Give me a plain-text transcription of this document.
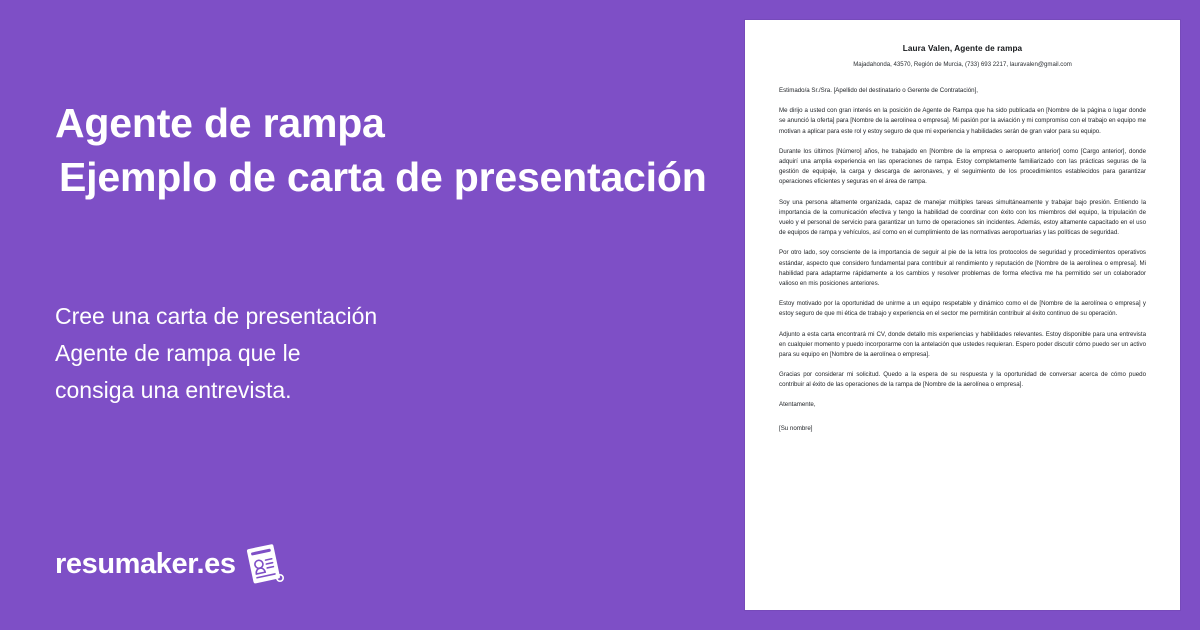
Agente de rampa
Ejemplo de carta de presentación
Cree una carta de presentación
Agente de rampa que le
consiga una entrevista.
resumaker.es
Laura Valen, Agente de rampa
Majadahonda, 43570, Región de Murcia, (733) 693 2217, lauravalen@gmail.com

Estimado/a Sr./Sra. [Apellido del destinatario o Gerente de Contratación],

Me dirijo a usted con gran interés en la posición de Agente de Rampa que ha sido publicada en [Nombre de la página o lugar donde se anunció la oferta] para [Nombre de la aerolínea o empresa]. Mi pasión por la aviación y mi compromiso con el trabajo en equipo me motivan a aplicar para este rol y estoy seguro de que mi experiencia y habilidades serán de gran valor para su equipo.

Durante los últimos [Número] años, he trabajado en [Nombre de la empresa o aeropuerto anterior] como [Cargo anterior], donde adquirí una amplia experiencia en las operaciones de rampa. Estoy completamente familiarizado con las prácticas seguras de la gestión de equipaje, la carga y descarga de aeronaves, y el seguimiento de los procedimientos establecidos para garantizar operaciones eficientes y seguras en el área de rampa.

Soy una persona altamente organizada, capaz de manejar múltiples tareas simultáneamente y trabajar bajo presión. Entiendo la importancia de la comunicación efectiva y tengo la habilidad de coordinar con éxito con los miembros del equipo, la tripulación de vuelo y el personal de servicio para garantizar un turno de operaciones sin incidentes. Además, estoy altamente capacitado en el uso de equipos de rampa y vehículos, así como en el cumplimiento de las normativas aeroportuarias y las políticas de seguridad.

Por otro lado, soy consciente de la importancia de seguir al pie de la letra los protocolos de seguridad y procedimientos operativos estándar, aspecto que considero fundamental para contribuir al rendimiento y reputación de [Nombre de la aerolínea o empresa]. Mi habilidad para adaptarme rápidamente a los cambios y resolver problemas de forma efectiva me ha permitido ser un colaborador valioso en mis posiciones anteriores.

Estoy motivado por la oportunidad de unirme a un equipo respetable y dinámico como el de [Nombre de la aerolínea o empresa] y estoy seguro de que mi ética de trabajo y experiencia en el sector me permitirán contribuir al éxito continuo de su operación.

Adjunto a esta carta encontrará mi CV, donde detallo mis experiencias y habilidades relevantes. Estoy disponible para una entrevista en cualquier momento y puedo incorporarme con la antelación que ustedes requieran. Espero poder discutir cómo puedo ser un activo para su equipo en [Nombre de la aerolínea o empresa].

Gracias por considerar mi solicitud. Quedo a la espera de su respuesta y la oportunidad de conversar acerca de cómo puedo contribuir al éxito de las operaciones de la rampa de [Nombre de la aerolínea o empresa].

Atentamente,

[Su nombre]
